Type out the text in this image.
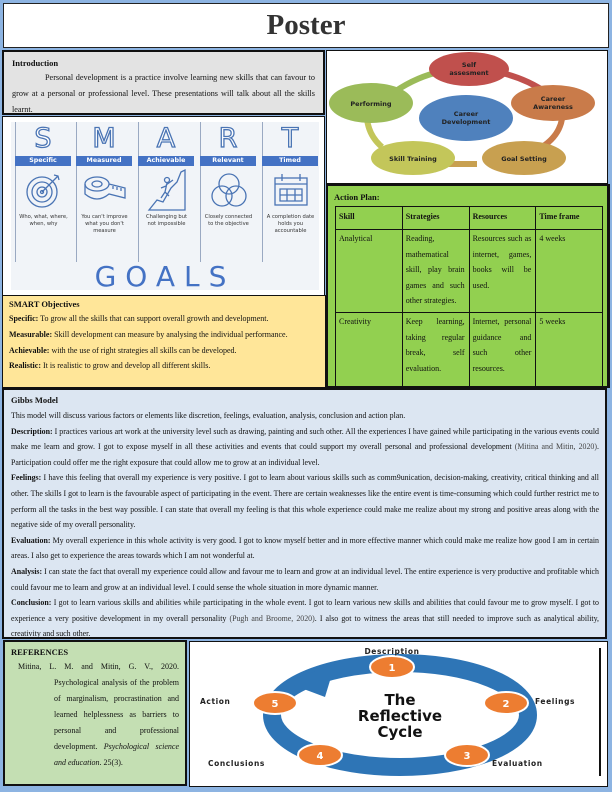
Poster
Introduction

Personal development is a practice involve learning new skills that can favour to grow at a personal or professional level. These presentations will talk about all the skills learnt.

Self
assesment
Career
Awareness
Goal Setting
Skill Training
Performing
Career
Development
S
Specific
Who, what, where, when, why
M
Measured
You can't improve what you don't measure
A
Achievable
Challenging but not impossible
R
Relevant
Closely connected to the objective
T
Timed
A completion date holds you accountable
GOALS
SMART Objectives

Specific: To grow all the skills that can support overall growth and development.

Measurable: Skill development can measure by analysing the individual performance.

Achievable: with the use of right strategies all skills can be developed.

Realistic: It is realistic to grow and develop all different skills.

Action Plan:
Skill	Strategies	Resources	Time frame
Analytical	Reading, mathematical skill, play brain games and such other strategies.	Resources such as internet, games, books will be used.	4 weeks
Creativity	Keep learning, taking regular break, self evaluation.	Internet, personal guidance and such other resources.	5 weeks
Gibbs Model

This model will discuss various factors or elements like discretion, feelings, evaluation, analysis, conclusion and action plan.

Description: I practices various art work at the university level such as drawing, painting and such other. All the experiences I have gained while participating in the various events could make me learn and grow. I got to expose myself in all these activities and events that could support my overall personal and professional development (Mitina and Mitin, 2020). Participation could offer me the right exposure that could allow me to grow at an individual level.

Feelings: I have this feeling that overall my experience is very positive. I got to learn about various skills such as comm9unication, decision-making, creativity, critical thinking and all other. The skills I got to learn is the favourable aspect of participating in the event. There are certain weaknesses like the entire event is time-consuming which could further restrict me to perform all the tasks in the best way possible. I can state that overall my feeling is that this whole experience could make me realize about my strong and positive areas along with the negative side of my overall personality.

Evaluation: My overall experience in this whole activity is very good. I got to know myself better and in more effective manner which could make me realize how good I am in certain areas. I also get to experience the areas towards which I am not wonderful at.

Analysis: I can state the fact that overall my experience could allow and favour me to learn and grow at an individual level. The entire experience is very productive and profitable which could favour me to learn and grow at an individual level. I could sense the whole situation in more dynamic manner.

Conclusion: I got to learn various skills and abilities while participating in the whole event. I got to learn various new skills and abilities that could favour me to grow myself. I got to experience a very positive development in my overall personality (Pugh and Broome, 2020). I also got to witness the areas that still needed to improve such as analytical ability, creativity and such other.

REFERENCES

Mitina, L. M. and Mitin, G. V., 2020. Psychological analysis of the problem of marginalism, procrastination and learned helplessness as barriers to personal and professional development. Psychological science and education. 25(3).

1
2
3
4
5
Description
Feelings
Evaluation
Conclusions
Action	The
Reflective
Cycle
